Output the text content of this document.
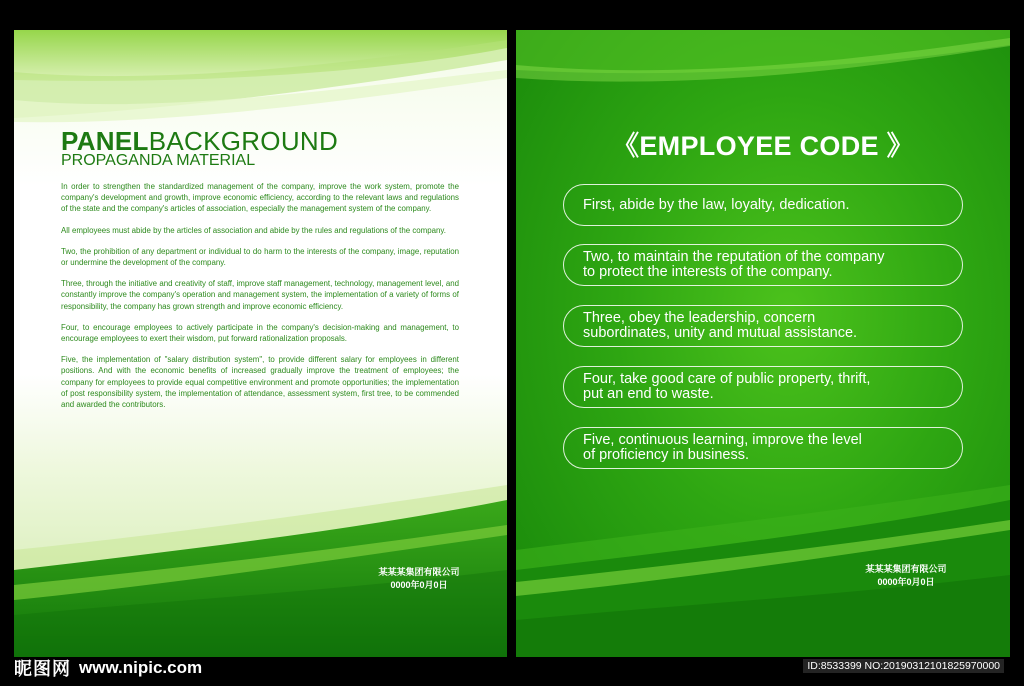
PANELBACKGROUND
PROPAGANDA MATERIAL

In order to strengthen the standardized management of the company, improve the work system, promote the company's development and growth, improve economic efficiency, according to the relevant laws and regulations of the state and the company's articles of association, especially the management system of the company.

All employees must abide by the articles of association and abide by the rules and regulations of the company.

Two, the prohibition of any department or individual to do harm to the interests of the company, image, reputation or undermine the development of the company.

Three, through the initiative and creativity of staff, improve staff management, technology, management level, and constantly improve the company's operation and management system, the implementation of a variety of forms of responsibility, the company has grown strength and improve economic efficiency.

Four, to encourage employees to actively participate in the company's decision-making and management, to encourage employees to exert their wisdom, put forward rationalization proposals.

Five, the implementation of "salary distribution system", to provide different salary for employees in different positions. And with the economic benefits of increased gradually improve the treatment of employees; the company for employees to provide equal competitive environment and promote opportunities; the implementation of post responsibility system, the implementation of attendance, assessment system, first tree, to be commended and awarded the contributors.

某某某集团有限公司
0000年0月0日
《EMPLOYEE CODE 》
First, abide by the law, loyalty, dedication.
Two, to maintain the reputation of the company
to protect the interests of the company.
Three, obey the leadership, concern
subordinates, unity and mutual assistance.
Four, take good care of public property, thrift,
put an end to waste.
Five, continuous learning, improve the level
of proficiency in business.
某某某集团有限公司
0000年0月0日
昵图网 www.nipic.com	ID:8533399 NO:20190312101825970000
